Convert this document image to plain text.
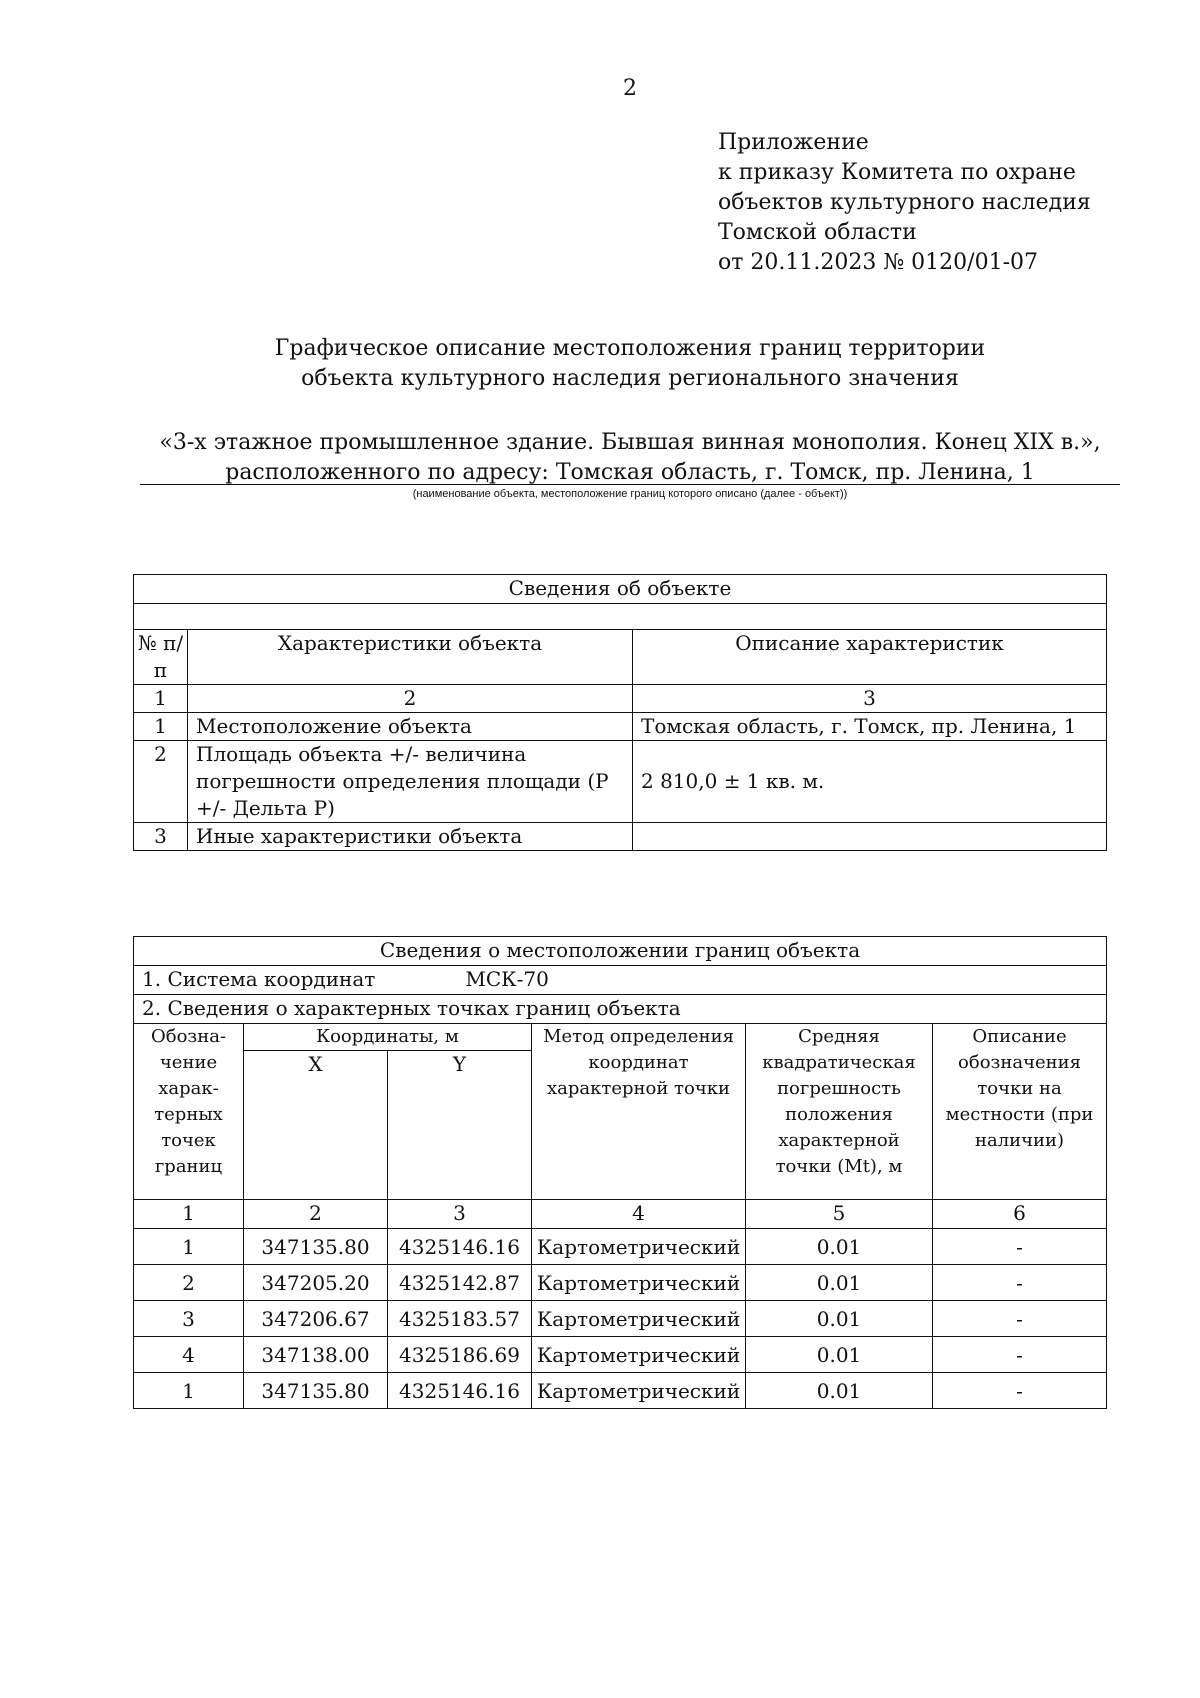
2
Приложение
к приказу Комитета по охране
объектов культурного наследия
Томской области
от 20.11.2023 № 0120/01-07
Графическое описание местоположения границ территории
объекта культурного наследия регионального значения
«3-х этажное промышленное здание. Бывшая винная монополия. Конец XIX в.»,
расположенного по адресу: Томская область, г. Томск, пр. Ленина, 1
(наименование объекта, местоположение границ которого описано (далее - объект))
Сведения об объекте		

№ п/п	Характеристики объекта	Описание характеристик
1	2	3
1	Местоположение объекта	Томская область, г. Томск, пр. Ленина, 1
2	Площадь объекта +/- величина погрешности определения площади (Р +/- Дельта Р)	2 810,0 ± 1 кв. м.
3	Иные характеристики объекта	
Сведения о местоположении границ объекта					
1. Система координат МСК-70					
2. Сведения о характерных точках границ объекта					
Обозна-чение харак-терных точек границ	Координаты, м		Метод определения координат характерной точки	Средняя квадратическая погрешность положения характерной точки (Mt), м	Описание обозначения точки на местности (при наличии)
	X	Y			
1	2	3	4	5	6
1	347135.80	4325146.16	Картометрический	0.01	-
2	347205.20	4325142.87	Картометрический	0.01	-
3	347206.67	4325183.57	Картометрический	0.01	-
4	347138.00	4325186.69	Картометрический	0.01	-
1	347135.80	4325146.16	Картометрический	0.01	-
